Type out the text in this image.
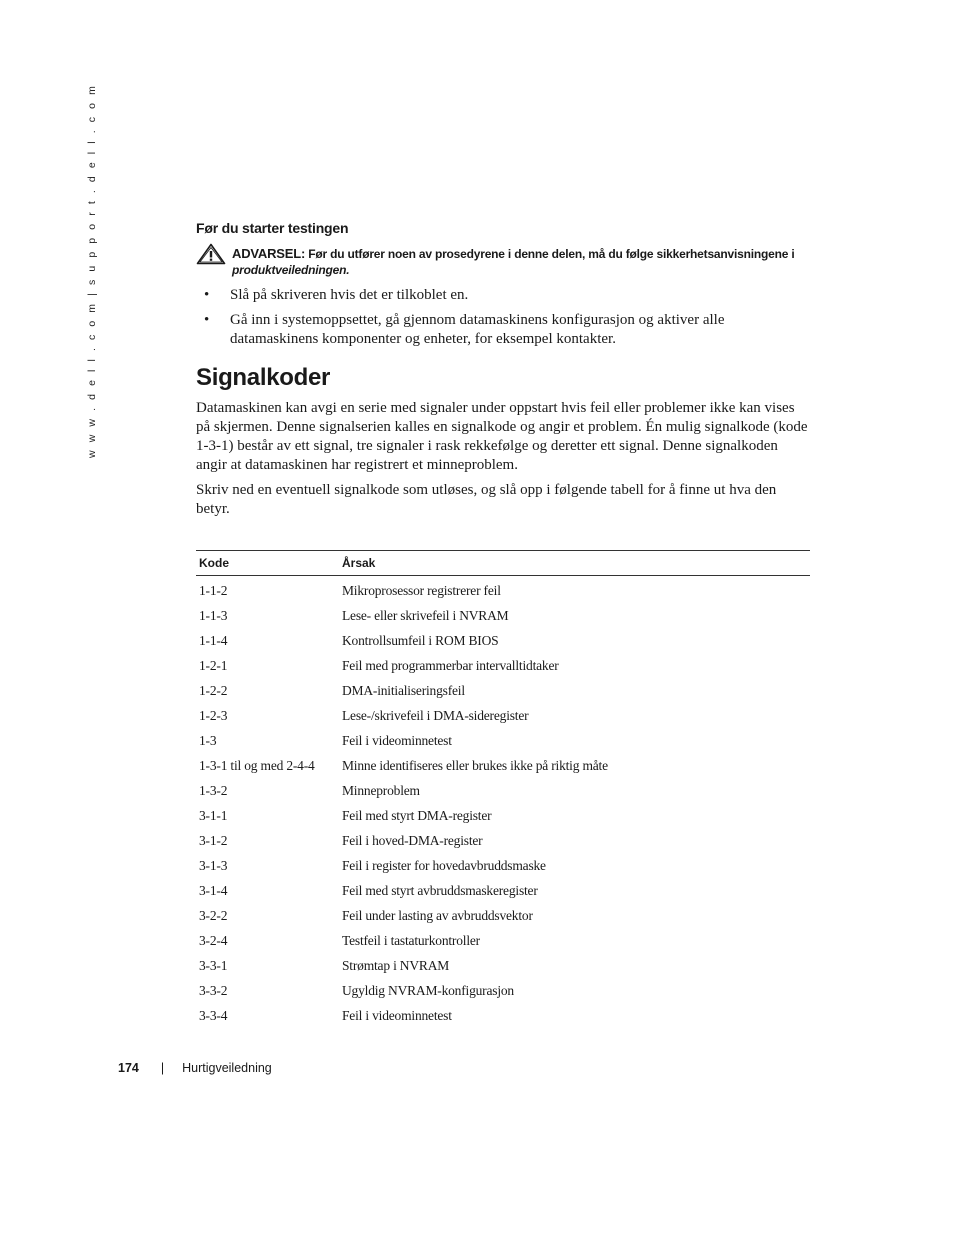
w w w . d e l l . c o m | s u p p o r t . d e l l . c o m	Før du starter testingen
ADVARSEL: Før du utfører noen av prosedyrene i denne delen, må du følge sikkerhetsanvisningene i produktveiledningen.
• Slå på skriveren hvis det er tilkoblet en.
• Gå inn i systemoppsettet, gå gjennom datamaskinens konfigurasjon og aktiver alle datamaskinens komponenter og enheter, for eksempel kontakter.
Signalkoder

Datamaskinen kan avgi en serie med signaler under oppstart hvis feil eller problemer ikke kan vises på skjermen. Denne signalserien kalles en signalkode og angir et problem. Én mulig signalkode (kode 1-3-1) består av ett signal, tre signaler i rask rekkefølge og deretter ett signal. Denne signalkoden angir at datamaskinen har registrert et minneproblem.

Skriv ned en eventuell signalkode som utløses, og slå opp i følgende tabell for å finne ut hva den betyr.

Kode	Årsak
1-1-2	Mikroprosessor registrerer feil
1-1-3	Lese- eller skrivefeil i NVRAM
1-1-4	Kontrollsumfeil i ROM BIOS
1-2-1	Feil med programmerbar intervalltidtaker
1-2-2	DMA-initialiseringsfeil
1-2-3	Lese-/skrivefeil i DMA-sideregister
1-3	Feil i videominnetest
1-3-1 til og med 2-4-4	Minne identifiseres eller brukes ikke på riktig måte
1-3-2	Minneproblem
3-1-1	Feil med styrt DMA-register
3-1-2	Feil i hoved-DMA-register
3-1-3	Feil i register for hovedavbruddsmaske
3-1-4	Feil med styrt avbruddsmaskeregister
3-2-2	Feil under lasting av avbruddsvektor
3-2-4	Testfeil i tastaturkontroller
3-3-1	Strømtap i NVRAM
3-3-2	Ugyldig NVRAM-konfigurasjon
3-3-4	Feil i videominnetest
174 | Hurtigveiledning
